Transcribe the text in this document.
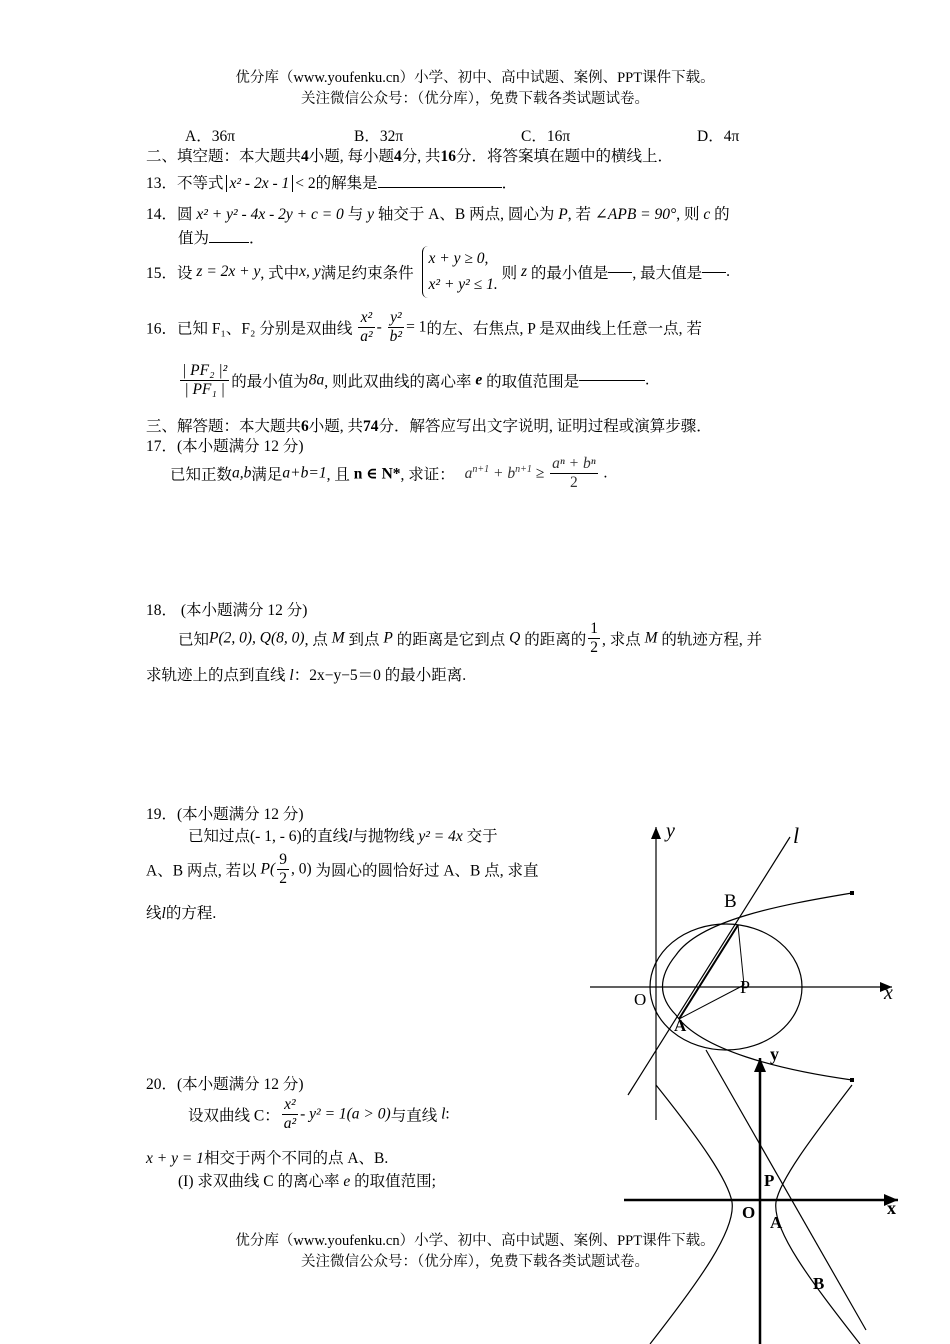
优分库（www.youfenku.cn）小学、初中、高中试题、案例、PPT课件下载。
关注微信公众号：（优分库），免费下载各类试题试卷。
A．36π	B．32π	C．16π	D．4π
二、填空题：本大题共4小题, 每小题4分, 共16分．将答案填在题中的横线上．
13．不等式 x² - 2x - 1 < 2的解集是	．
14．圆 x² + y² - 4x - 2y + c = 0 与 y 轴交于 A、B 两点, 圆心为 P, 若 ∠APB = 90°, 则 c 的
值为	．
15．设 z = 2x + y, 式中x, y满足约束条件
x + y ≥ 0,
x² + y² ≤ 1.
则 z 的最小值是 , 最大值是 .
16．已知 F₁、F₂ 分别是双曲线 $\frac{\text{x²}}{\text{a²}} - \frac{\text{y²}}{\text{b²}} = 1$的左、右焦点, P 是双曲线上任意一点, 若
$\frac{\text{| PF₂ |²}}{\text{| PF₁ |}}$ 的最小值为8a, 则此双曲线的离心率 e 的取值范围是	.
三、解答题：本大题共6小题, 共74分．解答应写出文字说明, 证明过程或演算步骤．
17．(本小题满分 12 分)
已知正数a,b满足a+b=1, 且 n ∈ N*, 求证： $a^{n+1} + b^{n+1} \ge \frac{\text{aⁿ + bⁿ}}{2}$ .
18． (本小题满分 12 分)
已知P(2, 0), Q(8, 0), 点 M 到点 P 的距离是它到点 Q 的距离的 $\frac{1}{2}$ , 求点 M 的轨迹方程, 并
求轨迹上的点到直线 l：2x−y−5＝0 的最小距离.
19．(本小题满分 12 分)
已知过点(- 1, - 6)的直线l与抛物线 y² = 4x 交于
A、B 两点, 若以 $P( \frac{9}{2}$ , 0) 为圆心的圆恰好过 A、B 点, 求直
线l的方程.
20．(本小题满分 12 分)
设双曲线 C： $\frac{\text{x²}}{\text{a²}} - y^2 = 1(a > 0)$与直线 l:
x + y = 1相交于两个不同的点 A、B.
(I) 求双曲线 C 的离心率 e 的取值范围;
y	l
B
P	x
O
A
y
P
x
O
A
B
优分库（www.youfenku.cn）小学、初中、高中试题、案例、PPT课件下载。
关注微信公众号：（优分库），免费下载各类试题试卷。
